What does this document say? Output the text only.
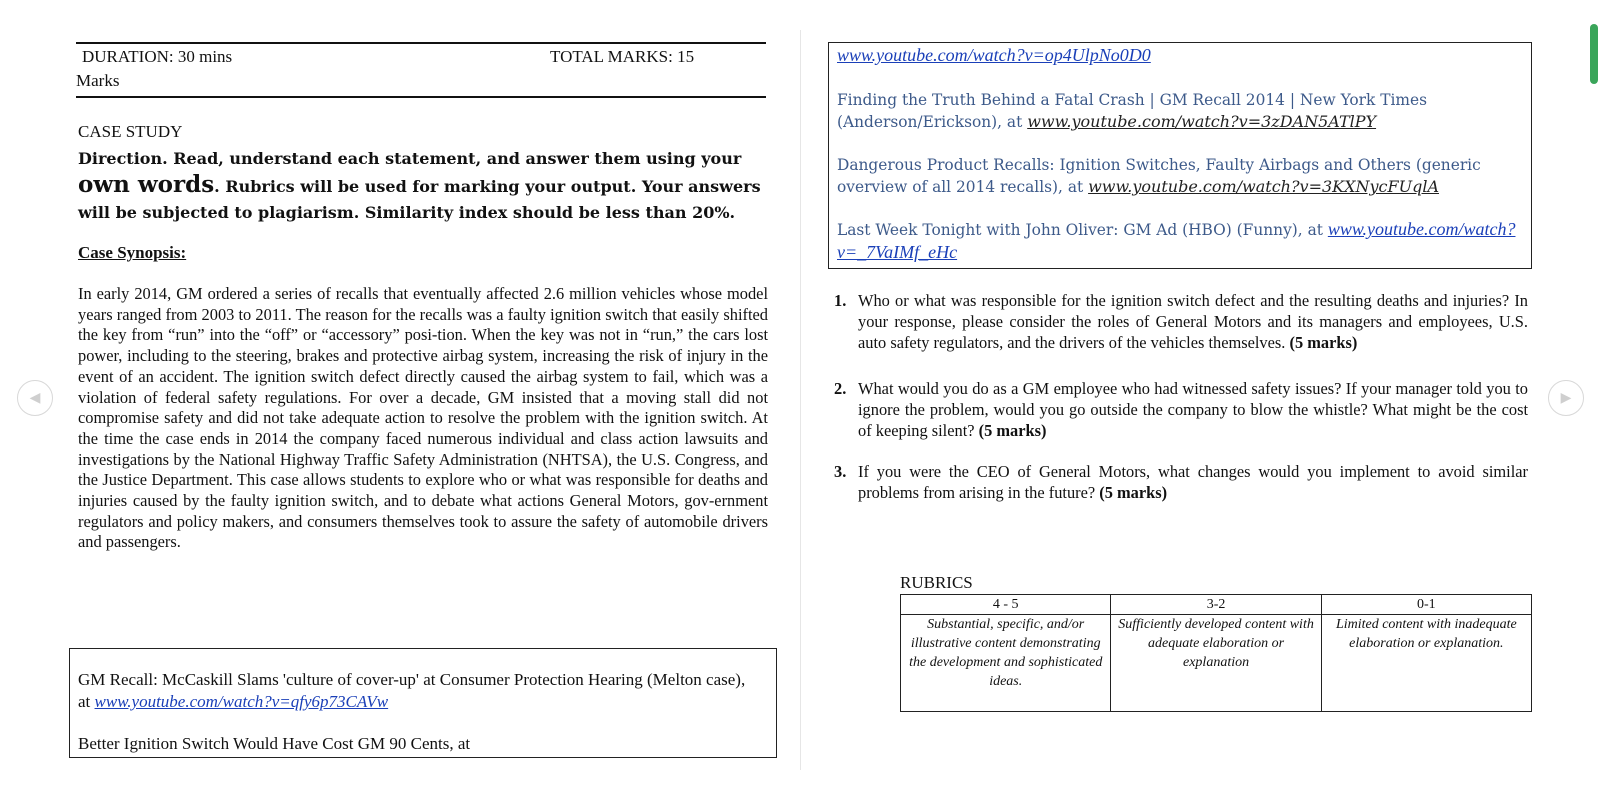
DURATION: 30 mins	TOTAL MARKS: 15
Marks
CASE STUDY
Direction. Read, understand each statement, and answer them using your own words. Rubrics will be used for marking your output. Your answers will be subjected to plagiarism. Similarity index should be less than 20%.
Case Synopsis:

In early 2014, GM ordered a series of recalls that eventually affected 2.6 million vehicles whose model years ranged from 2003 to 2011. The reason for the recalls was a faulty ignition switch that easily shifted the key from “run” into the “off” or “accessory” posi-tion. When the key was not in “run,” the cars lost power, including to the steering, brakes and protective airbag system, increasing the risk of injury in the event of an accident. The ignition switch defect directly caused the airbag system to fail, which was a violation of federal safety regulations. For over a decade, GM insisted that a moving stall did not compromise safety and did not take adequate action to resolve the problem with the ignition switch. At the time the case ends in 2014 the company faced numerous individual and class action lawsuits and investigations by the National Highway Traffic Safety Administration (NHTSA), the U.S. Congress, and the Justice Department. This case allows students to explore who or what was responsible for deaths and injuries caused by the faulty ignition switch, and to debate what actions General Motors, gov-ernment regulators and policy makers, and consumers themselves took to assure the safety of automobile drivers and passengers.

GM Recall: McCaskill Slams 'culture of cover-up' at Consumer Protection Hearing (Melton case), at www.youtube.com/watch?v=qfy6p73CAVw
Better Ignition Switch Would Have Cost GM 90 Cents, at
www.youtube.com/watch?v=op4UlpNo0D0
Finding the Truth Behind a Fatal Crash | GM Recall 2014 | New York Times (Anderson/Erickson), at www.youtube.com/watch?v=3zDAN5ATlPY
Dangerous Product Recalls: Ignition Switches, Faulty Airbags and Others (generic overview of all 2014 recalls), at www.youtube.com/watch?v=3KXNycFUqlA
Last Week Tonight with John Oliver: GM Ad (HBO) (Funny), at www.youtube.com/watch?v=_7VaIMf_eHc
1. Who or what was responsible for the ignition switch defect and the resulting deaths and injuries? In your response, please consider the roles of General Motors and its managers and employees, U.S. auto safety regulators, and the drivers of the vehicles themselves. (5 marks)
2. What would you do as a GM employee who had witnessed safety issues? If your manager told you to ignore the problem, would you go outside the company to blow the whistle? What might be the cost of keeping silent? (5 marks)
3. If you were the CEO of General Motors, what changes would you implement to avoid similar problems from arising in the future? (5 marks)
RUBRICS
4 - 5	3-2	0-1
Substantial, specific, and/or illustrative content demonstrating the development and sophisticated ideas.	Sufficiently developed content with adequate elaboration or explanation	Limited content with inadequate elaboration or explanation.
◀	▶
